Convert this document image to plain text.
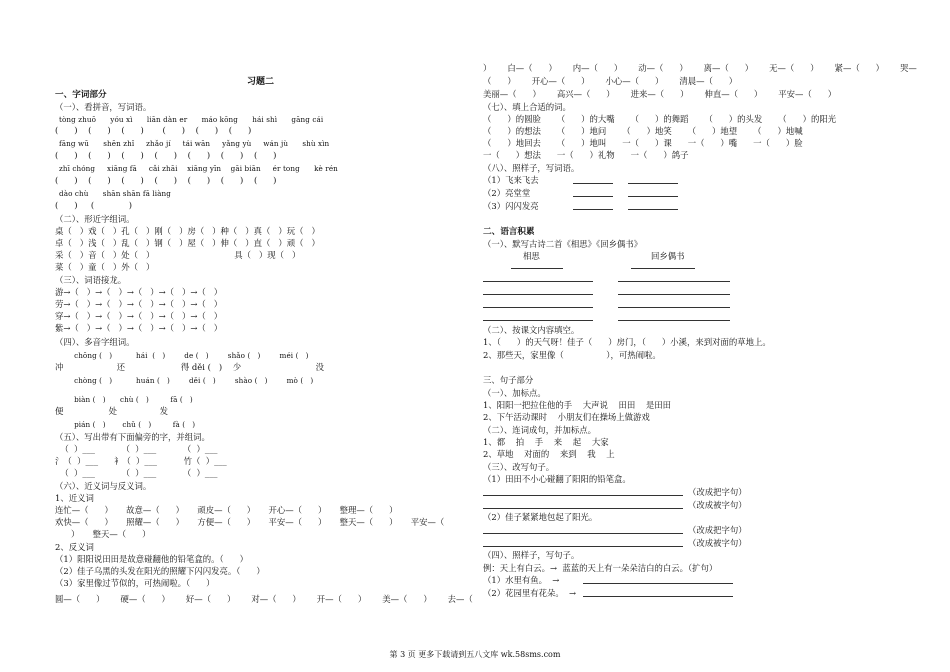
习题二
一、字词部分
（一）、看拼音，写词语。
tòng zhuō      yóu xì      liān dàn er      máo kōng      hái shì      gāng cái
(      )    (      )    (      )       (      )    (      )    (      )
fāng wū      shēn zhǐ     zhǎo jí     tái wān     yǎng yù     wán jù      shù xìn
(      )    (      )    (      )    (      )    (      )    (      )    (      )
zhī chóng     xiāng fā     cǎi zhāi    xiāng yīn    gāi biān     ér tong      kè rén
(      )    (      )    (      )    (      )    (      )    (      )    (      )
dào chù      shān shān fā liàng
(      )     (             )
（二）、形近字组词。
桌（   ）戏（   ）孔（   ）刚（   ）房（   ）种（   ）真（   ）玩（   ）
卓（   ）浅（   ）乱（   ）钢（   ）屋（   ）伸（   ）直（   ）顽（   ）
采（   ）音（   ）处（   ）                              具（   ）现（   ）
菜（   ）童（   ）外（   ）
（三）、词语接龙。
游→（   ）→（   ）→（   ）→（   ）→（   ）
劳→（   ）→（   ）→（   ）→（   ）→（   ）
穿→（   ）→（   ）→（   ）→（   ）→（   ）
紫→（   ）→（   ）→（   ）→（   ）→（   ）
（四）、多音字组词。
chōng (   )          hái  (   )        de (   )        shǎo (   )        méi (   )
冲                    还                     得 děi (   )    少                            没
chòng (   )          huán (   )        děi (   )        shào (   )        mò (   )
biàn (   )      chù (   )         fā (   )
便                 处                发
pián (   )       chǔ (   )         fà (   )
（五）、写出带有下面偏旁的字，并组词。
（  ）___          （  ）___          （  ）___
氵（  ）___      衤（  ）___          竹（  ）___
（  ）___          （  ）___          （  ）___
（六）、近义词与反义词。
1、近义词
连忙—（      ）     故意—（      ）     顽皮—（      ）     开心—（      ）     整理—（      ）
欢快—（      ）     照耀—（      ）     方便—（      ）     平安—（      ）     整天—（      ）     平安—（
）     整天—（      ）
2、反义词
（1）阳阳说田田是故意碰翻他的铅笔盒的。（      ）
（2）佳子乌黑的头发在阳光的照耀下闪闪发亮。（      ）
（3）家里像过节似的，可热闹啦。（      ）
圆—（      ）      硬—（      ）      好—（      ）      对—（      ）      开—（      ）      美—（      ）      去—（
）      白—（      ）      内—（      ）      动—（      ）      离—（      ）      无—（      ）      紧—（      ）      哭—
（      ）      开心—（      ）      小心—（      ）      清晨—（      ）
美丽—（      ）      高兴—（      ）      进来—（      ）      伸直—（      ）      平安—（      ）
（七）、填上合适的词。
（      ）的圆脸      （      ）的大嘴      （      ）的舞蹈      （      ）的头发      （      ）的阳光
（      ）的想法      （      ）地问      （      ）地笑      （      ）地望      （      ）地喊
（      ）地回去      （      ）地叫      一（      ）课      一（      ）嘴      一（      ）脸
一（      ）想法      一（      ）礼物      一（      ）鸽子
（八）、照样子，写词语。
（1）飞来飞去
（2）亮堂堂
（3）闪闪发亮
二、语言积累
（一）、默写古诗二首《相思》《回乡偶书》
相思	回乡偶书
（二）、按课文内容填空。
1、（      ）的天气呀！佳子（      ）房门，（      ）小溪，来到对面的草地上。
2、那些天，家里像（                ），可热闹啦。
三、句子部分
（一）、加标点。
1、阳阳一把拉住他的手    大声说    田田    是田田
2、下午活动课时    小朋友们在操场上做游戏
（二）、连词成句，并加标点。
1、都    拍    手    来    起    大家
2、草地    对面的    来到    我    上
（三）、改写句子。
（1）田田不小心碰翻了阳阳的铅笔盒。
（改成把字句）
（改成被字句）
（2）佳子紧紧地包起了阳光。
（改成把字句）
（改成被字句）
（四）、照样子，写句子。
例：天上有白云。→  蓝蓝的天上有一朵朵洁白的白云。（扩句）
（1）水里有鱼。  →
（2）花园里有花朵。  →
第 3 页 更多下载请到五八文库 wk.58sms.com
